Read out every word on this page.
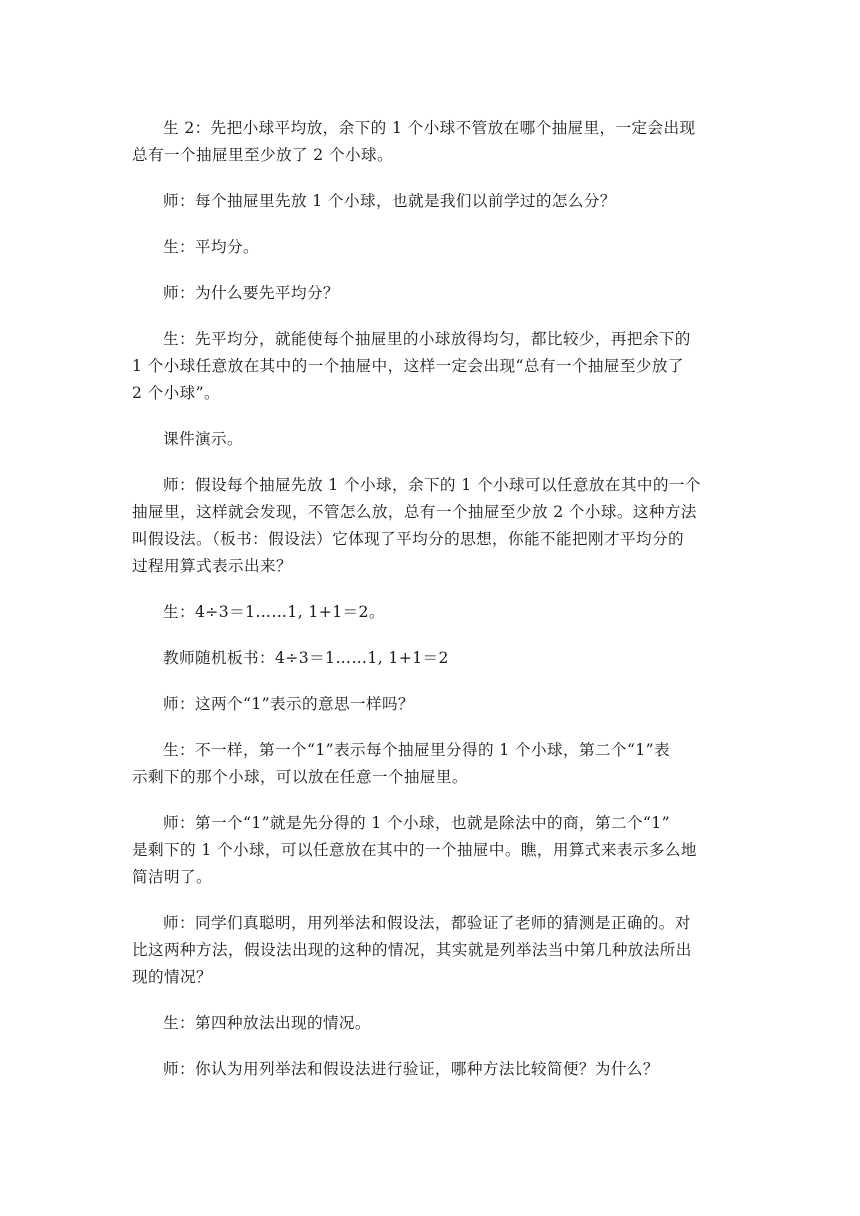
生 2：先把小球平均放，余下的 1 个小球不管放在哪个抽屉里，一定会出现
总有一个抽屉里至少放了 2 个小球。

师：每个抽屉里先放 1 个小球，也就是我们以前学过的怎么分？

生：平均分。

师：为什么要先平均分？

生：先平均分，就能使每个抽屉里的小球放得均匀，都比较少，再把余下的
1 个小球任意放在其中的一个抽屉中，这样一定会出现“总有一个抽屉至少放了
2 个小球”。

课件演示。

师：假设每个抽屉先放 1 个小球，余下的 1 个小球可以任意放在其中的一个
抽屉里，这样就会发现，不管怎么放，总有一个抽屉至少放 2 个小球。这种方法
叫假设法。（板书：假设法）它体现了平均分的思想，你能不能把刚才平均分的
过程用算式表示出来？

生：4÷3＝1……1, 1+1＝2。

教师随机板书：4÷3＝1……1, 1+1＝2

师：这两个“1”表示的意思一样吗？

生：不一样，第一个“1”表示每个抽屉里分得的 1 个小球，第二个“1”表
示剩下的那个小球，可以放在任意一个抽屉里。

师：第一个“1”就是先分得的 1 个小球，也就是除法中的商，第二个“1”
是剩下的 1 个小球，可以任意放在其中的一个抽屉中。瞧，用算式来表示多么地
简洁明了。

师：同学们真聪明，用列举法和假设法，都验证了老师的猜测是正确的。对
比这两种方法，假设法出现的这种的情况，其实就是列举法当中第几种放法所出
现的情况？

生：第四种放法出现的情况。

师：你认为用列举法和假设法进行验证，哪种方法比较简便？为什么？
